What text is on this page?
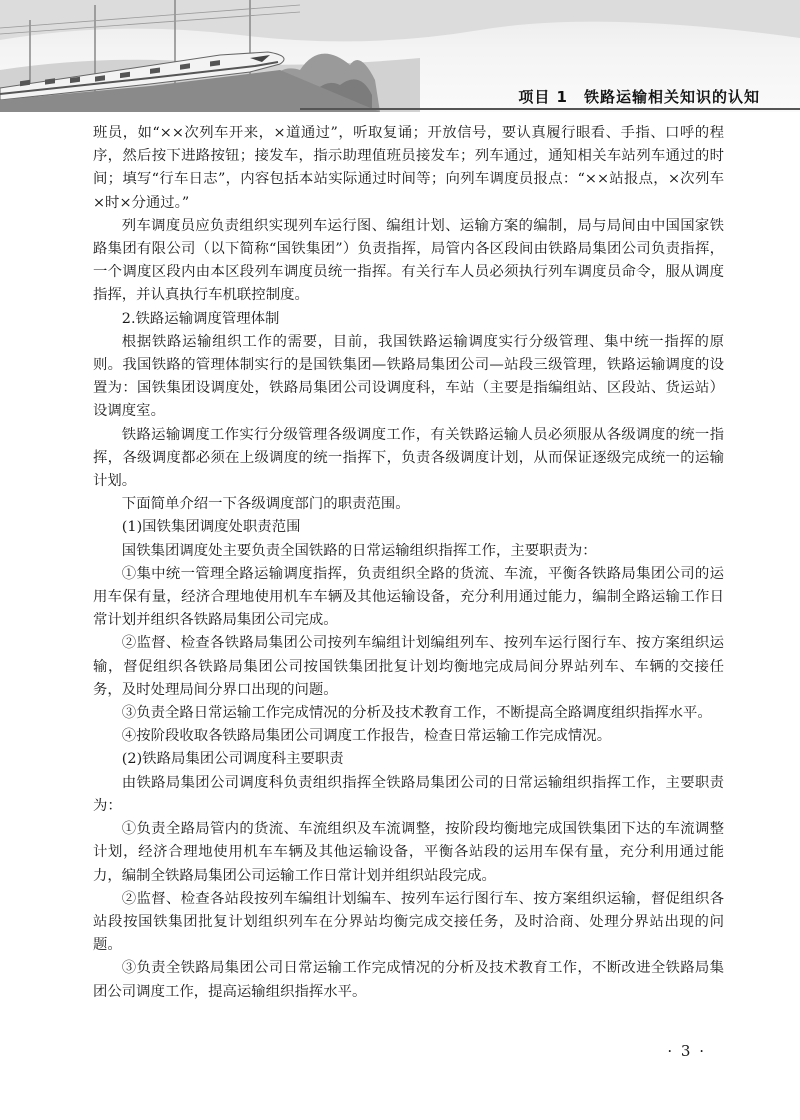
项目 1　铁路运输相关知识的认知

班员，如“××次列车开来，×道通过”，听取复诵；开放信号，要认真履行眼看、手指、口呼的程序，然后按下进路按钮；接发车，指示助理值班员接发车；列车通过，通知相关车站列车通过的时间；填写“行车日志”，内容包括本站实际通过时间等；向列车调度员报点：“××站报点，×次列车×时×分通过。”

列车调度员应负责组织实现列车运行图、编组计划、运输方案的编制，局与局间由中国国家铁路集团有限公司（以下简称“国铁集团”）负责指挥，局管内各区段间由铁路局集团公司负责指挥，一个调度区段内由本区段列车调度员统一指挥。有关行车人员必须执行列车调度员命令，服从调度指挥，并认真执行车机联控制度。

2.铁路运输调度管理体制

根据铁路运输组织工作的需要，目前，我国铁路运输调度实行分级管理、集中统一指挥的原则。我国铁路的管理体制实行的是国铁集团—铁路局集团公司—站段三级管理，铁路运输调度的设置为：国铁集团设调度处，铁路局集团公司设调度科，车站（主要是指编组站、区段站、货运站）设调度室。

铁路运输调度工作实行分级管理各级调度工作，有关铁路运输人员必须服从各级调度的统一指挥，各级调度都必须在上级调度的统一指挥下，负责各级调度计划，从而保证逐级完成统一的运输计划。

下面简单介绍一下各级调度部门的职责范围。

(1)国铁集团调度处职责范围

国铁集团调度处主要负责全国铁路的日常运输组织指挥工作，主要职责为：

①集中统一管理全路运输调度指挥，负责组织全路的货流、车流，平衡各铁路局集团公司的运用车保有量，经济合理地使用机车车辆及其他运输设备，充分利用通过能力，编制全路运输工作日常计划并组织各铁路局集团公司完成。

②监督、检查各铁路局集团公司按列车编组计划编组列车、按列车运行图行车、按方案组织运输，督促组织各铁路局集团公司按国铁集团批复计划均衡地完成局间分界站列车、车辆的交接任务，及时处理局间分界口出现的问题。

③负责全路日常运输工作完成情况的分析及技术教育工作，不断提高全路调度组织指挥水平。

④按阶段收取各铁路局集团公司调度工作报告，检查日常运输工作完成情况。

(2)铁路局集团公司调度科主要职责

由铁路局集团公司调度科负责组织指挥全铁路局集团公司的日常运输组织指挥工作，主要职责为：

①负责全路局管内的货流、车流组织及车流调整，按阶段均衡地完成国铁集团下达的车流调整计划，经济合理地使用机车车辆及其他运输设备，平衡各站段的运用车保有量，充分利用通过能力，编制全铁路局集团公司运输工作日常计划并组织站段完成。

②监督、检查各站段按列车编组计划编车、按列车运行图行车、按方案组织运输，督促组织各站段按国铁集团批复计划组织列车在分界站均衡完成交接任务，及时洽商、处理分界站出现的问题。

③负责全铁路局集团公司日常运输工作完成情况的分析及技术教育工作，不断改进全铁路局集团公司调度工作，提高运输组织指挥水平。

· 3 ·
